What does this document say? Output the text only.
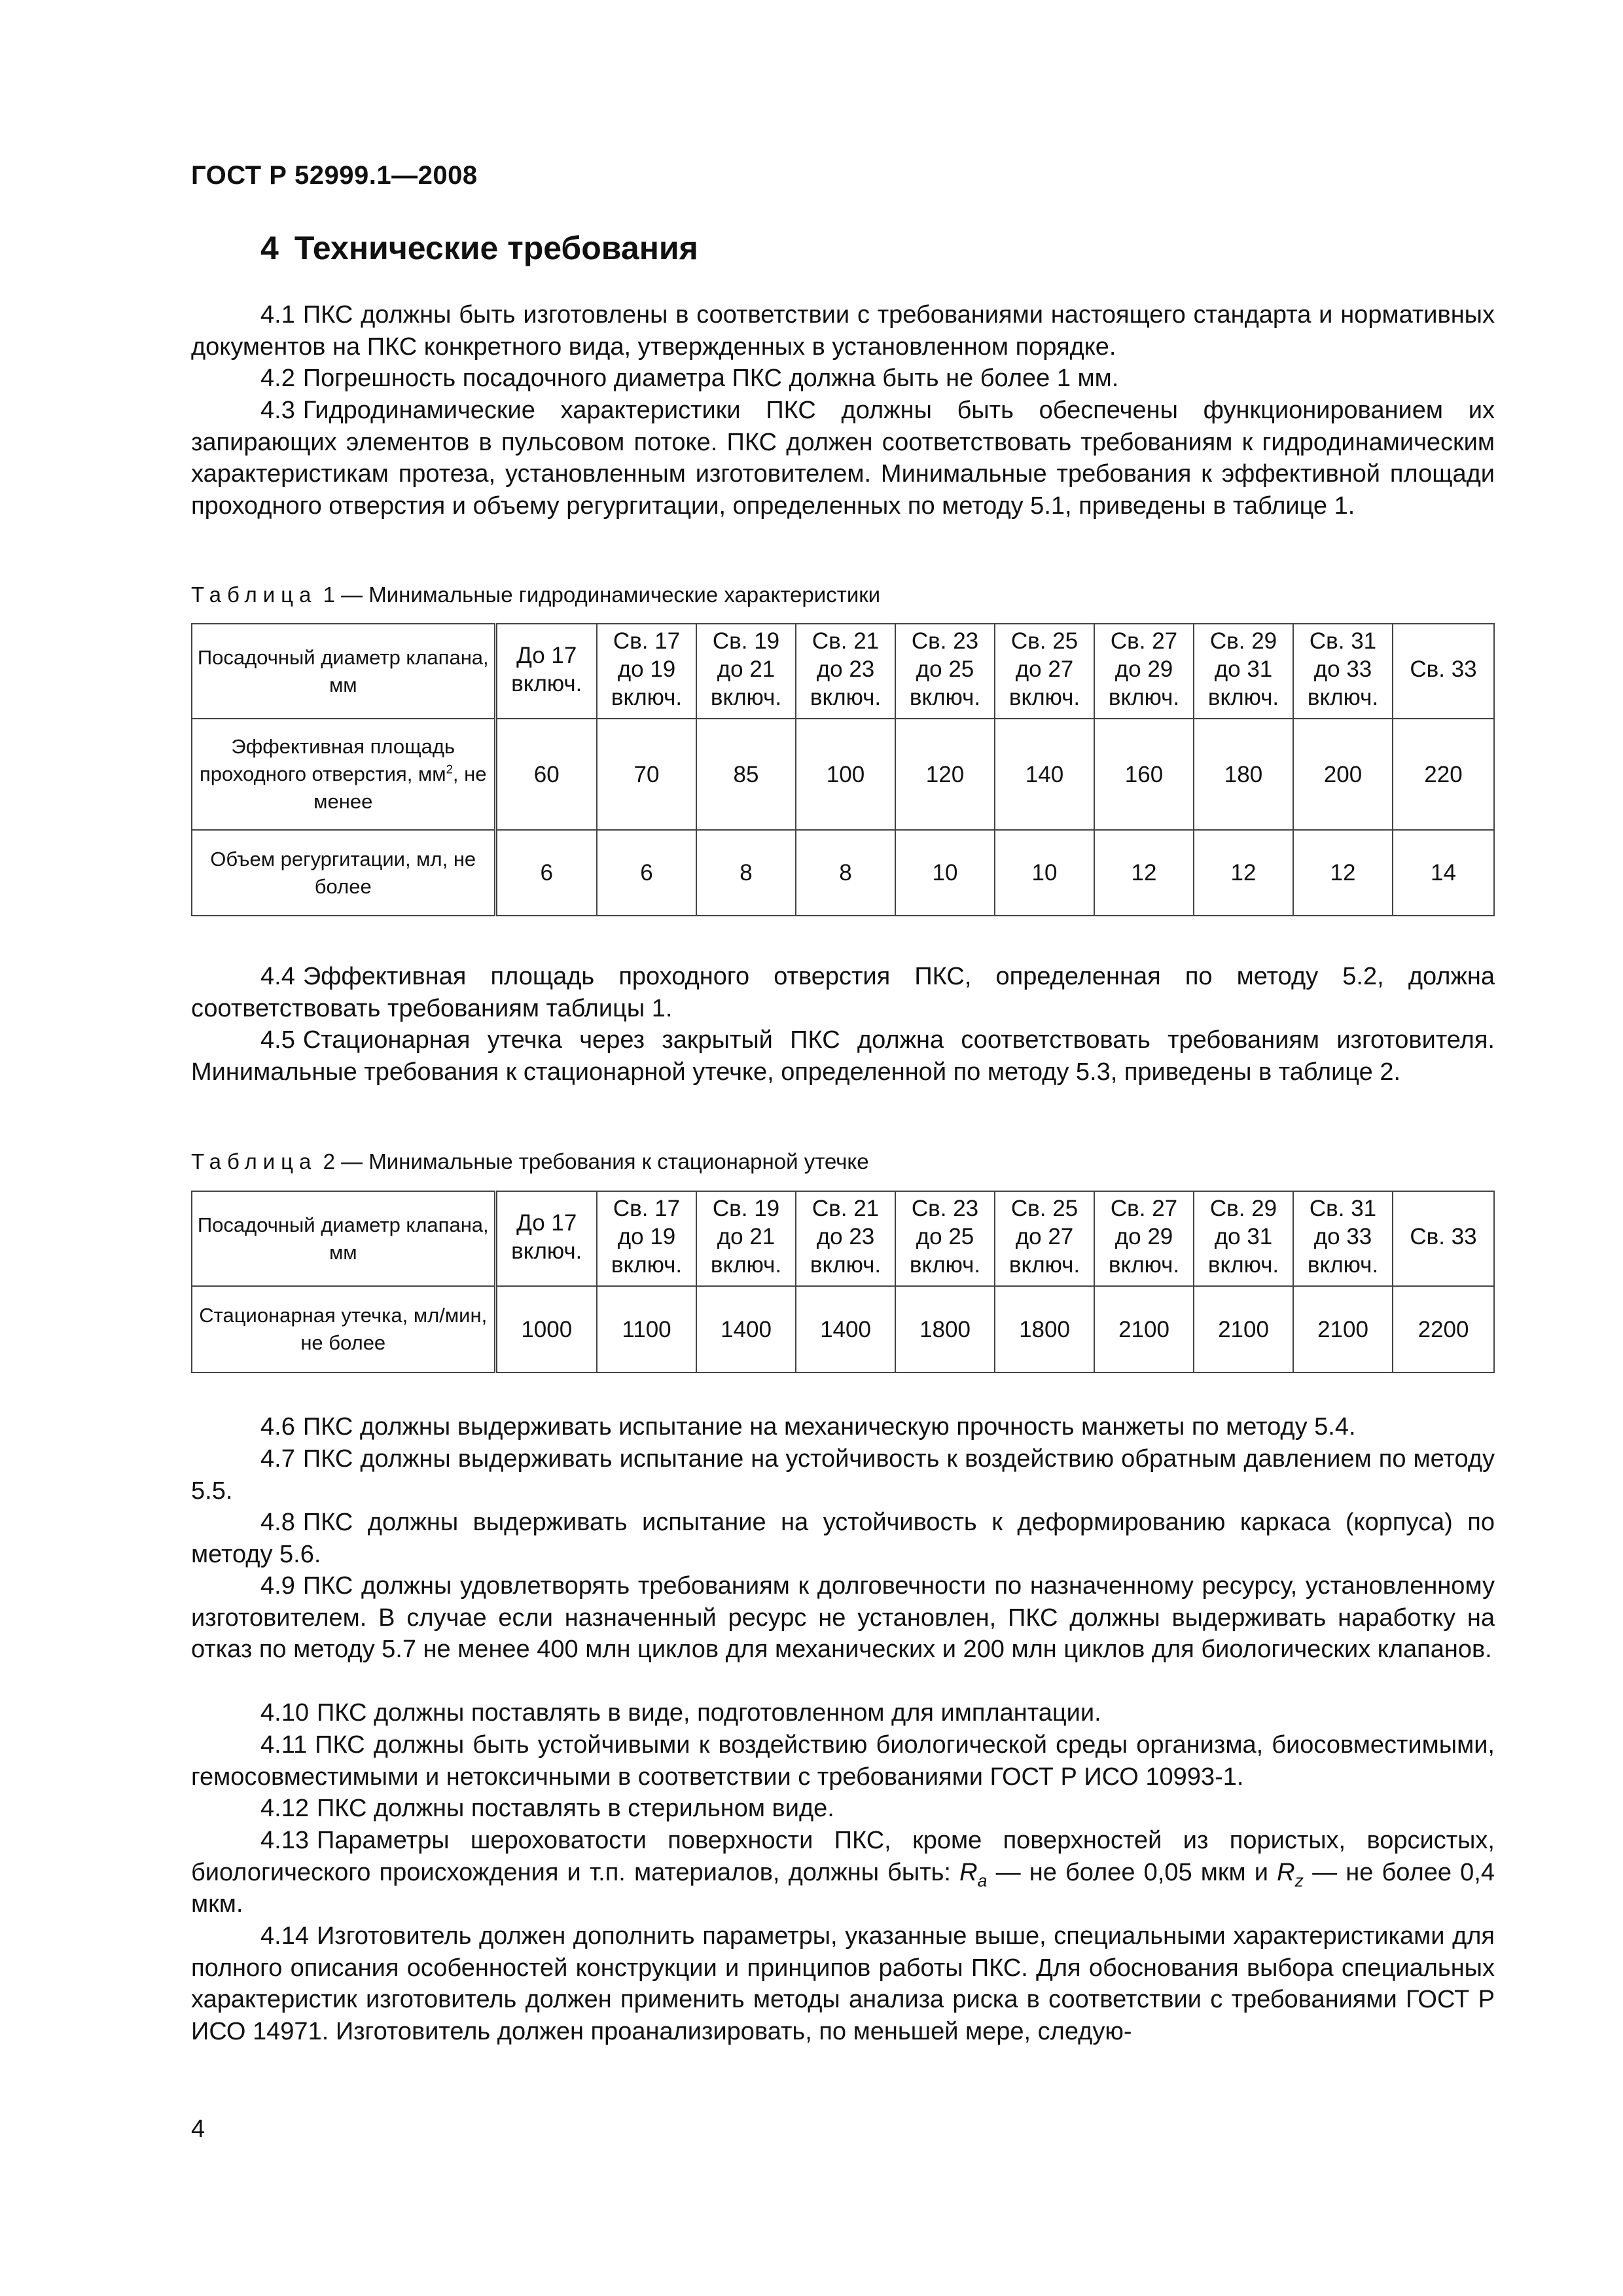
ГОСТ Р 52999.1—2008
4 Технические требования

4.1 ПКС должны быть изготовлены в соответствии с требованиями настоящего стандарта и нормативных документов на ПКС конкретного вида, утвержденных в установленном порядке.

4.2 Погрешность посадочного диаметра ПКС должна быть не более 1 мм.

4.3 Гидродинамические характеристики ПКС должны быть обеспечены функционированием их запирающих элементов в пульсовом потоке. ПКС должен соответствовать требованиям к гидродинамическим характеристикам протеза, установленным изготовителем. Минимальные требования к эффективной площади проходного отверстия и объему регургитации, определенных по методу 5.1, приведены в таблице 1.

Таблица 1 — Минимальные гидродинамические характеристики
Посадочный диаметр клапана, мм	До 17 включ.	Св. 17 до 19 включ.	Св. 19 до 21 включ.	Св. 21 до 23 включ.	Св. 23 до 25 включ.	Св. 25 до 27 включ.	Св. 27 до 29 включ.	Св. 29 до 31 включ.	Св. 31 до 33 включ.	Св. 33
Эффективная площадь проходного отверстия, $мм^2$, не менее	60	70	85	100	120	140	160	180	200	220
Объем регургитации, мл, не более	6	6	8	8	10	10	12	12	12	14

4.4 Эффективная площадь проходного отверстия ПКС, определенная по методу 5.2, должна соответствовать требованиям таблицы 1.

4.5 Стационарная утечка через закрытый ПКС должна соответствовать требованиям изготовителя. Минимальные требования к стационарной утечке, определенной по методу 5.3, приведены в таблице 2.

Таблица 2 — Минимальные требования к стационарной утечке
Посадочный диаметр клапана, мм	До 17 включ.	Св. 17 до 19 включ.	Св. 19 до 21 включ.	Св. 21 до 23 включ.	Св. 23 до 25 включ.	Св. 25 до 27 включ.	Св. 27 до 29 включ.	Св. 29 до 31 включ.	Св. 31 до 33 включ.	Св. 33
Стационарная утечка, мл/мин, не более	1000	1100	1400	1400	1800	1800	2100	2100	2100	2200

4.6 ПКС должны выдерживать испытание на механическую прочность манжеты по методу 5.4.

4.7 ПКС должны выдерживать испытание на устойчивость к воздействию обратным давлением по методу 5.5.

4.8 ПКС должны выдерживать испытание на устойчивость к деформированию каркаса (корпуса) по методу 5.6.

4.9 ПКС должны удовлетворять требованиям к долговечности по назначенному ресурсу, установленному изготовителем. В случае если назначенный ресурс не установлен, ПКС должны выдерживать наработку на отказ по методу 5.7 не менее 400 млн циклов для механических и 200 млн циклов для биологических клапанов.

4.10 ПКС должны поставлять в виде, подготовленном для имплантации.

4.11 ПКС должны быть устойчивыми к воздействию биологической среды организма, биосовместимыми, гемосовместимыми и нетоксичными в соответствии с требованиями ГОСТ Р ИСО 10993-1.

4.12 ПКС должны поставлять в стерильном виде.

4.13 Параметры шероховатости поверхности ПКС, кроме поверхностей из пористых, ворсистых, биологического происхождения и т.п. материалов, должны быть: $R_a$ — не более 0,05 мкм и $R_z$ — не более 0,4 мкм.

4.14 Изготовитель должен дополнить параметры, указанные выше, специальными характеристиками для полного описания особенностей конструкции и принципов работы ПКС. Для обоснования выбора специальных характеристик изготовитель должен применить методы анализа риска в соответствии с требованиями ГОСТ Р ИСО 14971. Изготовитель должен проанализировать, по меньшей мере, следую-

4
